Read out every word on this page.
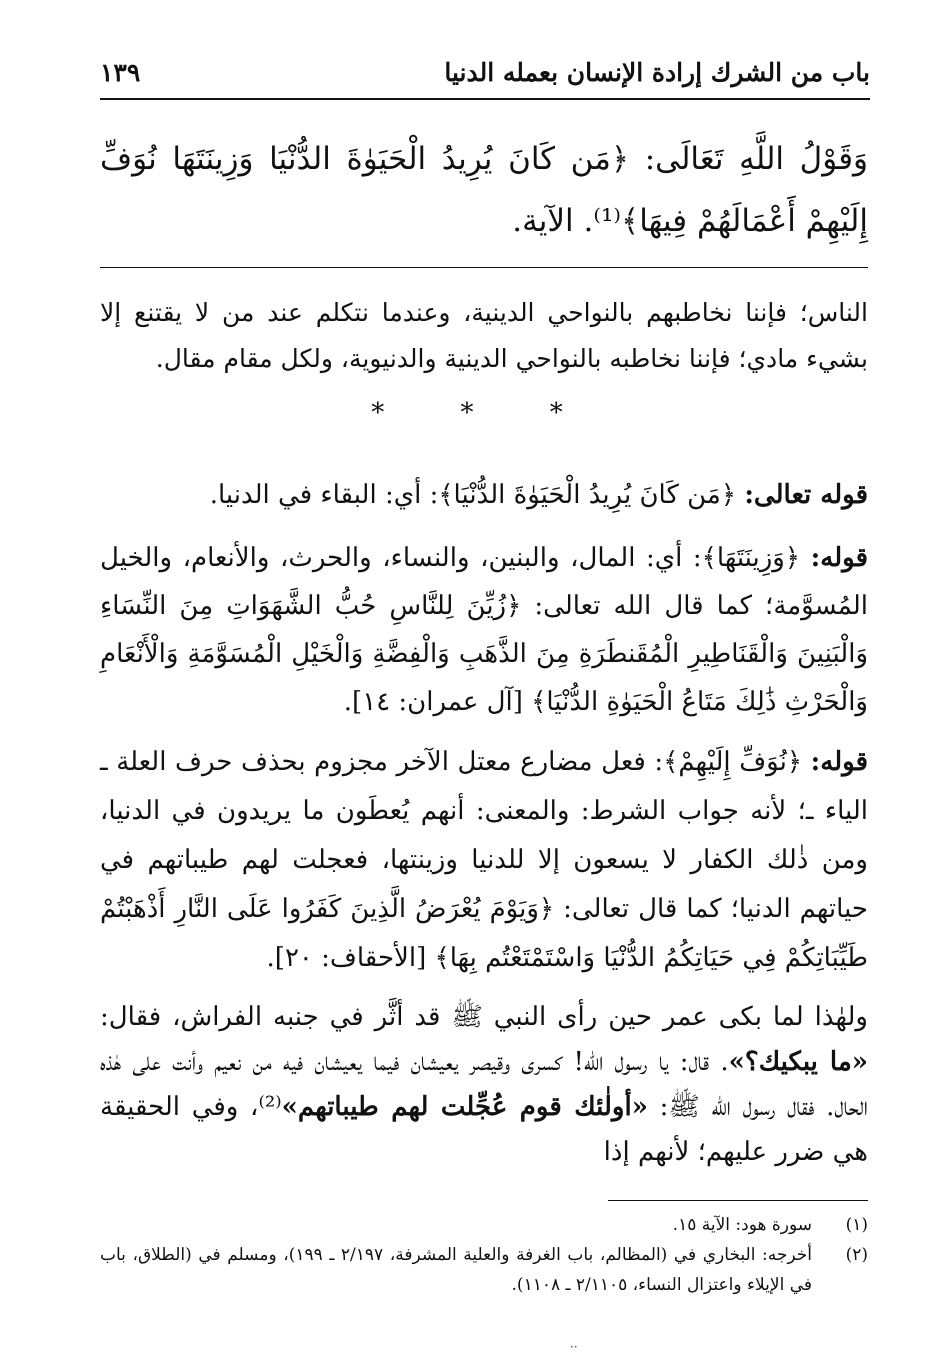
باب من الشرك إرادة الإنسان بعمله الدنيا
١٣٩
وَقَوْلُ اللَّهِ تَعَالَى: ﴿مَن كَانَ يُرِيدُ الْحَيَوٰةَ الدُّنْيَا وَزِينَتَهَا نُوَفِّ إِلَيْهِمْ أَعْمَالَهُمْ فِيهَا﴾⁽¹⁾. الآية.
الناس؛ فإننا نخاطبهم بالنواحي الدينية، وعندما نتكلم عند من لا يقتنع إلا بشيء مادي؛ فإننا نخاطبه بالنواحي الدينية والدنيوية، ولكل مقام مقال.
* * *
قوله تعالى: ﴿مَن كَانَ يُرِيدُ الْحَيَوٰةَ الدُّنْيَا﴾: أي: البقاء في الدنيا.
قوله: ﴿وَزِينَتَهَا﴾: أي: المال، والبنين، والنساء، والحرث، والأنعام، والخيل المُسوَّمة؛ كما قال الله تعالى: ﴿زُيِّنَ لِلنَّاسِ حُبُّ الشَّهَوَاتِ مِنَ النِّسَاءِ وَالْبَنِينَ وَالْقَنَاطِيرِ الْمُقَنطَرَةِ مِنَ الذَّهَبِ وَالْفِضَّةِ وَالْخَيْلِ الْمُسَوَّمَةِ وَالْأَنْعَامِ وَالْحَرْثِ ذَٰلِكَ مَتَاعُ الْحَيَوٰةِ الدُّنْيَا﴾ [آل عمران: ١٤].
قوله: ﴿نُوَفِّ إِلَيْهِمْ﴾: فعل مضارع معتل الآخر مجزوم بحذف حرف العلة ـ الياء ـ؛ لأنه جواب الشرط: والمعنى: أنهم يُعطَون ما يريدون في الدنيا، ومن ذٰلك الكفار لا يسعون إلا للدنيا وزينتها، فعجلت لهم طيباتهم في حياتهم الدنيا؛ كما قال تعالى: ﴿وَيَوْمَ يُعْرَضُ الَّذِينَ كَفَرُوا عَلَى النَّارِ أَذْهَبْتُمْ طَيِّبَاتِكُمْ فِي حَيَاتِكُمُ الدُّنْيَا وَاسْتَمْتَعْتُم بِهَا﴾ [الأحقاف: ٢٠].
ولهٰذا لما بكى عمر حين رأى النبي ﷺ قد أثَّر في جنبه الفراش، فقال: «ما يبكيك؟». قال: يا رسول الله! كسرى وقيصر يعيشان فيما يعيشان فيه من نعيم وأنت على هٰذه الحال. فقال رسول الله ﷺ: «أولٰئك قوم عُجِّلت لهم طيباتهم»⁽²⁾، وفي الحقيقة هي ضرر عليهم؛ لأنهم إذا
(١)
سورة هود: الآية ١٥.
(٢)
أخرجه: البخاري في (المظالم، باب الغرفة والعلية المشرفة، ٢/١٩٧ ـ ١٩٩)، ومسلم في (الطلاق، باب في الإيلاء واعتزال النساء، ٢/١١٠٥ ـ ١١٠٨).
··
